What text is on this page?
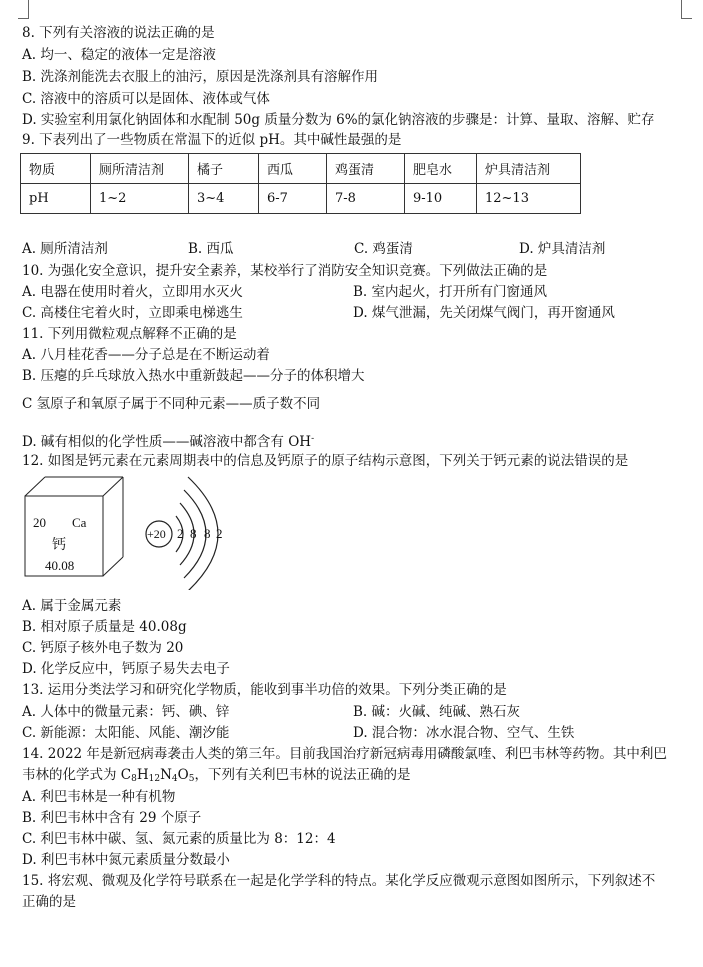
8. 下列有关溶液的说法正确的是
A. 均一、稳定的液体一定是溶液
B. 洗涤剂能洗去衣服上的油污，原因是洗涤剂具有溶解作用
C. 溶液中的溶质可以是固体、液体或气体
D. 实验室利用氯化钠固体和水配制 50g 质量分数为 6%的氯化钠溶液的步骤是：计算、量取、溶解、贮存
9. 下表列出了一些物质在常温下的近似 pH。其中碱性最强的是
物质	厕所清洁剂	橘子	西瓜	鸡蛋清	肥皂水	炉具清洁剂
pH	1~2	3~4	6-7	7-8	9-10	12~13
A. 厕所清洁剂	B. 西瓜	C. 鸡蛋清	D. 炉具清洁剂
10. 为强化安全意识，提升安全素养，某校举行了消防安全知识竞赛。下列做法正确的是
A. 电器在使用时着火，立即用水灭火	B. 室内起火，打开所有门窗通风
C. 高楼住宅着火时，立即乘电梯逃生	D. 煤气泄漏，先关闭煤气阀门，再开窗通风
11. 下列用微粒观点解释不正确的是
A. 八月桂花香——分子总是在不断运动着
B. 压瘪的乒乓球放入热水中重新鼓起——分子的体积增大
C 氢原子和氧原子属于不同种元素——质子数不同
D. 碱有相似的化学性质——碱溶液中都含有 OH-
12. 如图是钙元素在元素周期表中的信息及钙原子的原子结构示意图，下列关于钙元素的说法错误的是
20 Ca
钙
40.08
+20 2 8 8 2
A. 属于金属元素
B. 相对原子质量是 40.08g
C. 钙原子核外电子数为 20
D. 化学反应中，钙原子易失去电子
13. 运用分类法学习和研究化学物质，能收到事半功倍的效果。下列分类正确的是
A. 人体中的微量元素：钙、碘、锌	B. 碱：火碱、纯碱、熟石灰
C. 新能源：太阳能、风能、潮汐能	D. 混合物：冰水混合物、空气、生铁
14. 2022 年是新冠病毒袭击人类的第三年。目前我国治疗新冠病毒用磷酸氯喹、利巴韦林等药物。其中利巴
韦林的化学式为 $C_8H_{12}N_4O_5$，下列有关利巴韦林的说法正确的是
A. 利巴韦林是一种有机物
B. 利巴韦林中含有 29 个原子
C. 利巴韦林中碳、氢、氮元素的质量比为 8：12：4
D. 利巴韦林中氮元素质量分数最小
15. 将宏观、微观及化学符号联系在一起是化学学科的特点。某化学反应微观示意图如图所示，下列叙述不
正确的是
